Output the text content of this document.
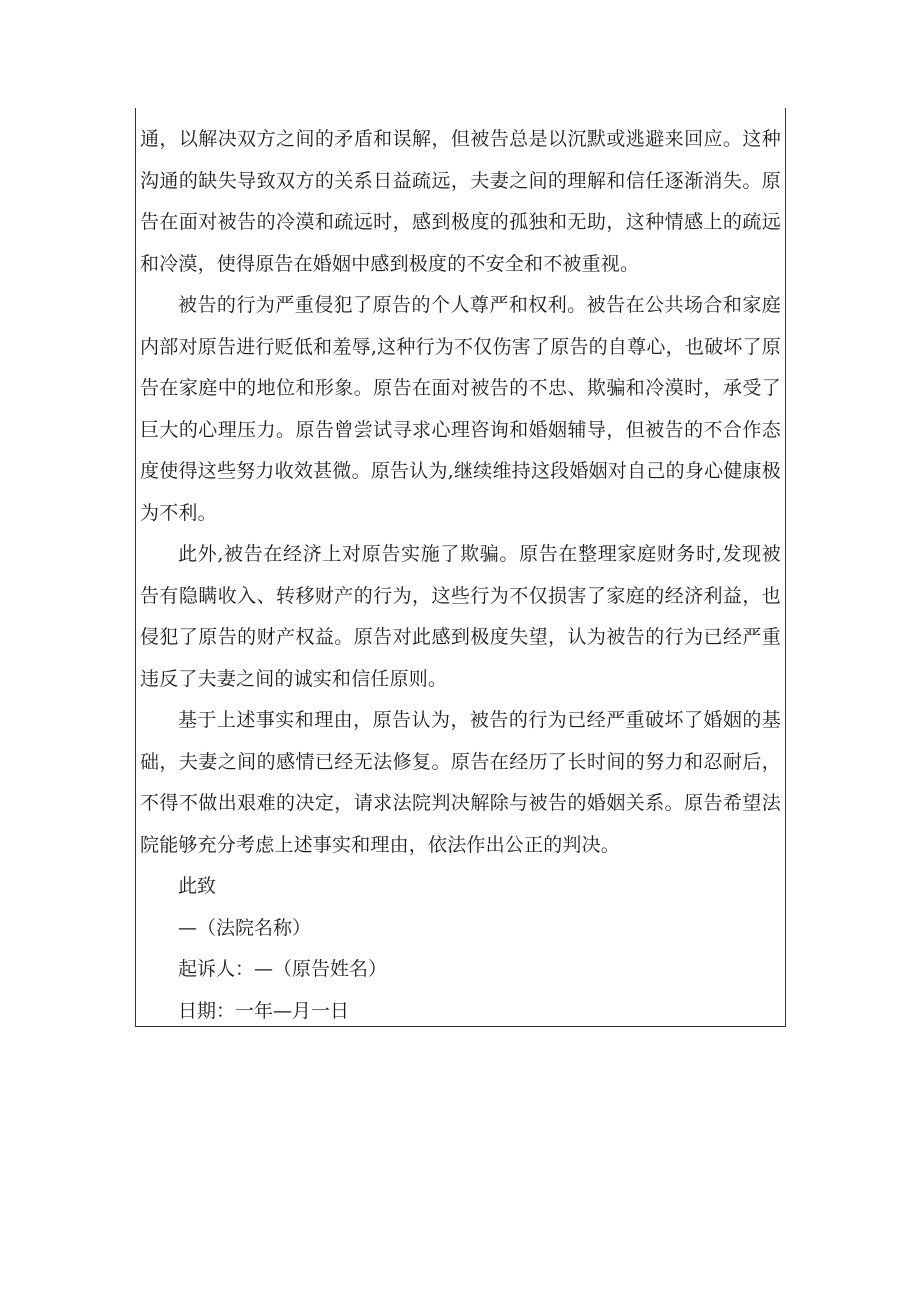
通，以解决双方之间的矛盾和误解，但被告总是以沉默或逃避来回应。这种沟通的缺失导致双方的关系日益疏远，夫妻之间的理解和信任逐渐消失。原告在面对被告的冷漠和疏远时，感到极度的孤独和无助，这种情感上的疏远和冷漠，使得原告在婚姻中感到极度的不安全和不被重视。

被告的行为严重侵犯了原告的个人尊严和权利。被告在公共场合和家庭内部对原告进行贬低和羞辱,这种行为不仅伤害了原告的自尊心，也破坏了原告在家庭中的地位和形象。原告在面对被告的不忠、欺骗和冷漠时，承受了巨大的心理压力。原告曾尝试寻求心理咨询和婚姻辅导，但被告的不合作态度使得这些努力收效甚微。原告认为,继续维持这段婚姻对自己的身心健康极为不利。

此外,被告在经济上对原告实施了欺骗。原告在整理家庭财务时,发现被告有隐瞒收入、转移财产的行为，这些行为不仅损害了家庭的经济利益，也侵犯了原告的财产权益。原告对此感到极度失望，认为被告的行为已经严重违反了夫妻之间的诚实和信任原则。

基于上述事实和理由，原告认为，被告的行为已经严重破坏了婚姻的基础，夫妻之间的感情已经无法修复。原告在经历了长时间的努力和忍耐后，不得不做出艰难的决定，请求法院判决解除与被告的婚姻关系。原告希望法院能够充分考虑上述事实和理由，依法作出公正的判决。

此致

—（法院名称）

起诉人：—（原告姓名）

日期：一年—月一日
